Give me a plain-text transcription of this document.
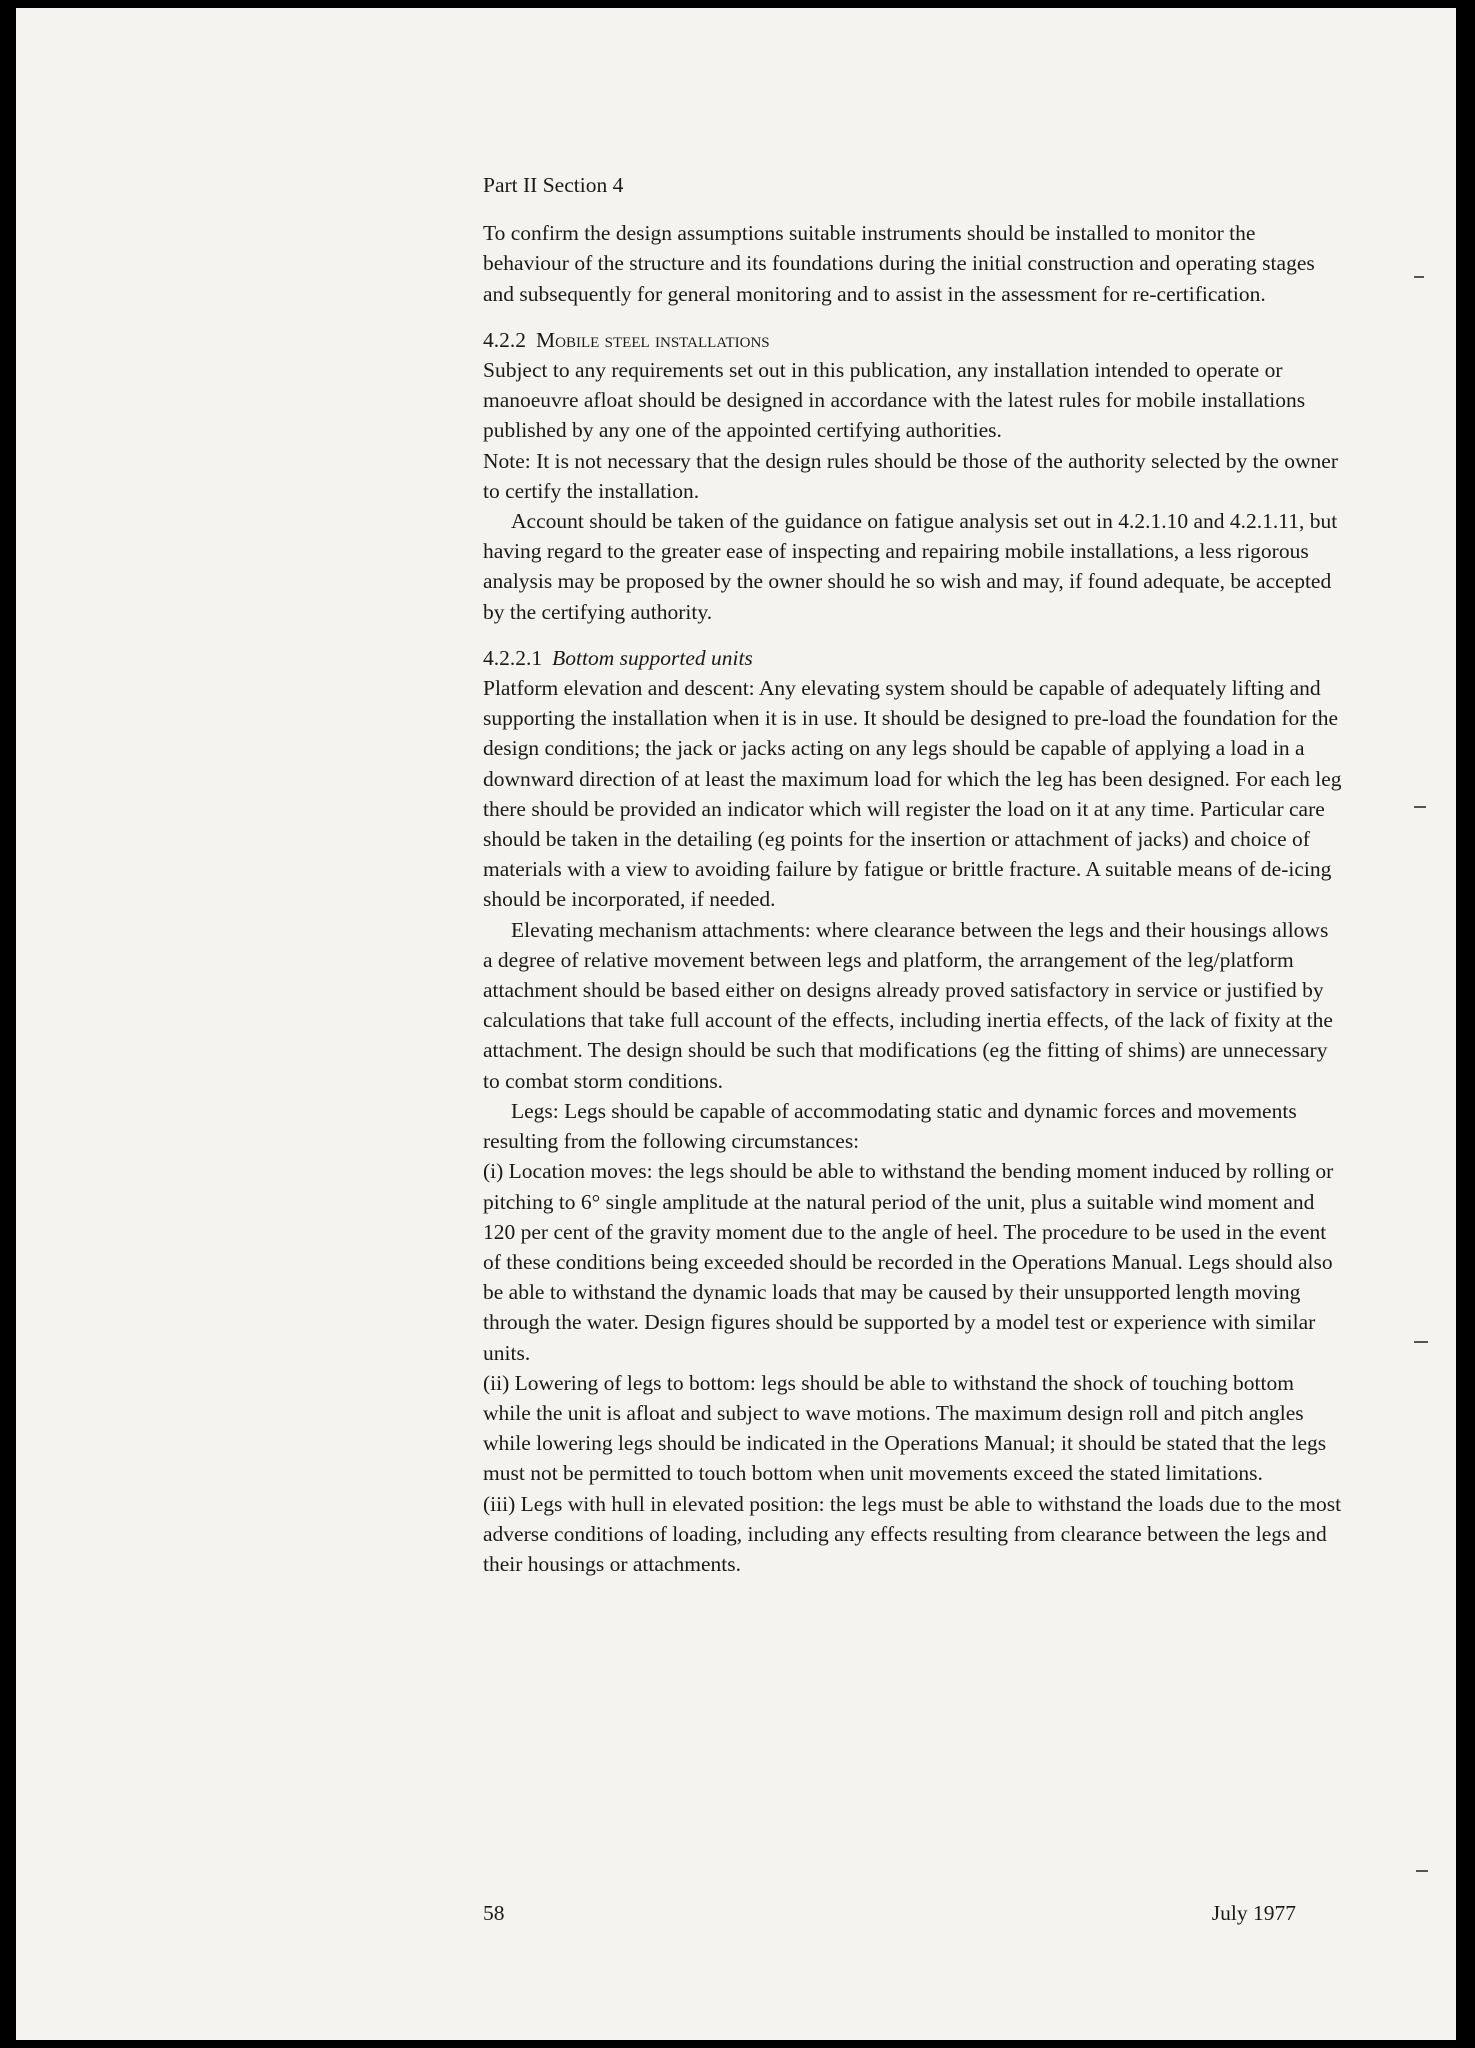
Part II Section 4

To confirm the design assumptions suitable instruments should be installed to monitor the behaviour of the structure and its foundations during the initial construction and operating stages and subsequently for general monitoring and to assist in the assessment for re-certification.

4.2.2 Mobile steel installations

Subject to any requirements set out in this publication, any installation intended to operate or manoeuvre afloat should be designed in accordance with the latest rules for mobile installations published by any one of the appointed certifying authorities.

Note: It is not necessary that the design rules should be those of the authority selected by the owner to certify the installation.

Account should be taken of the guidance on fatigue analysis set out in 4.2.1.10 and 4.2.1.11, but having regard to the greater ease of inspecting and repairing mobile installations, a less rigorous analysis may be proposed by the owner should he so wish and may, if found adequate, be accepted by the certifying authority.

4.2.2.1 Bottom supported units

Platform elevation and descent: Any elevating system should be capable of adequately lifting and supporting the installation when it is in use. It should be designed to pre-load the foundation for the design conditions; the jack or jacks acting on any legs should be capable of applying a load in a downward direction of at least the maximum load for which the leg has been designed. For each leg there should be provided an indicator which will register the load on it at any time. Particular care should be taken in the detailing (eg points for the insertion or attachment of jacks) and choice of materials with a view to avoiding failure by fatigue or brittle fracture. A suitable means of de-icing should be incorporated, if needed.

Elevating mechanism attachments: where clearance between the legs and their housings allows a degree of relative movement between legs and platform, the arrangement of the leg/platform attachment should be based either on designs already proved satisfactory in service or justified by calculations that take full account of the effects, including inertia effects, of the lack of fixity at the attachment. The design should be such that modifications (eg the fitting of shims) are unnecessary to combat storm conditions.

Legs: Legs should be capable of accommodating static and dynamic forces and movements resulting from the following circumstances:

(i) Location moves: the legs should be able to withstand the bending moment induced by rolling or pitching to 6° single amplitude at the natural period of the unit, plus a suitable wind moment and 120 per cent of the gravity moment due to the angle of heel. The procedure to be used in the event of these conditions being exceeded should be recorded in the Operations Manual. Legs should also be able to withstand the dynamic loads that may be caused by their unsupported length moving through the water. Design figures should be supported by a model test or experience with similar units.

(ii) Lowering of legs to bottom: legs should be able to withstand the shock of touching bottom while the unit is afloat and subject to wave motions. The maximum design roll and pitch angles while lowering legs should be indicated in the Operations Manual; it should be stated that the legs must not be permitted to touch bottom when unit movements exceed the stated limitations.

(iii) Legs with hull in elevated position: the legs must be able to withstand the loads due to the most adverse conditions of loading, including any effects resulting from clearance between the legs and their housings or attachments.

58	July 1977
